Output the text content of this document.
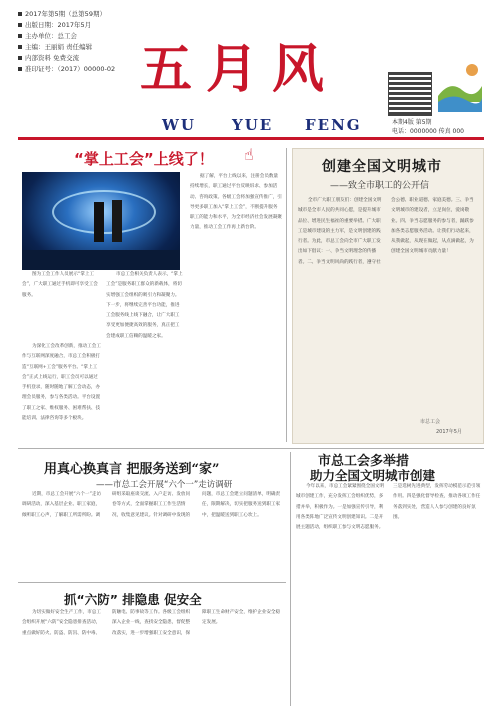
2017年第5期（总第59期）
出版日期：2017年5月
主办单位：总工会
主编：王丽娟 责任编辑
内部资料 免费交流
准印证号：（2017）00000-02 五月风
WU YUE FENG	本期4版 第5期
电话：0000000 传真 000
“掌上工会”上线了！ ☝
图为工会工作人员展示“掌上工会”，广大职工通过手机即可享受工会服务。
为深化工会改革创新，推动工会工作与互联网深度融合，市总工会积极打造“互联网+工会”服务平台。“掌上工会”正式上线运行，职工会员可以通过手机登录，随时随地了解工会动态，办理会员服务，参与各类活动。平台设置了职工之家、维权服务、困难帮扶、技能培训、法律咨询等多个板块。
市总工会相关负责人表示，“掌上工会”是服务职工群众的新载体，将切实增强工会组织的吸引力和凝聚力。下一步，将继续完善平台功能，推进工会服务线上线下融合，让广大职工享受更加便捷高效的服务，真正把工会建成职工信赖的温暖之家。
据了解，平台上线以来，注册会员数量持续增长，职工通过平台反映诉求、参加活动、咨询政策。各级工会将加强宣传推广，引导更多职工加入“掌上工会”，不断提升服务职工的能力和水平，为全市经济社会发展凝聚力量，推动工会工作再上新台阶。
创建全国文明城市
——致全市职工的公开信
全市广大职工朋友们：创建全国文明城市是全市人民的共同心愿，是提升城市品位、增进民生福祉的重要举措。广大职工是城市建设的主力军，是文明创建的践行者。为此，市总工会向全市广大职工发出如下倡议：一、争当文明理念的传播者。二、争当文明风尚的践行者，遵守社会公德、职业道德、家庭美德。三、争当文明城市的建设者，立足岗位，爱岗敬业。四、争当志愿服务的参与者，踊跃参加各类志愿服务活动。让我们行动起来，从我做起，从现在做起，从点滴做起，为创建全国文明城市贡献力量！
市总工会
2017年5月
用真心换真言 把服务送到“家”
——市总工会开展“六个一”走访调研
近期，市总工会开展“六个一”走访调研活动，深入基层企业、职工家庭，倾听职工心声，了解职工所需所盼。调研组采取座谈交流、入户走访、发放问卷等方式，全面掌握职工工作生活情况，收集意见建议。针对调研中发现的问题，市总工会建立问题清单，明确责任，限期解决，切实把服务送到职工家中，把温暖送到职工心坎上。
市总工会多举措
助力全国文明城市创建
今年以来，市总工会紧紧围绕全国文明城市创建工作，充分发挥工会组织优势，多措并举，积极作为。一是加强宣传引导，利用各类阵地广泛宣传文明创建知识。二是开展主题活动，组织职工参与文明志愿服务。三是选树先进典型，发挥劳动模范示范引领作用。四是强化督导检查，推动各项工作任务落到实处，营造人人参与创建的良好氛围。
抓“六防” 排隐患 促安全
为切实做好安全生产工作，市总工会组织开展“六防”安全隐患排查活动，重点做好防火、防盗、防汛、防中毒、防触电、防事故等工作。各级工会组织深入企业一线，查找安全隐患，督促整改落实，进一步增强职工安全意识，保障职工生命财产安全，维护企业安全稳定发展。
